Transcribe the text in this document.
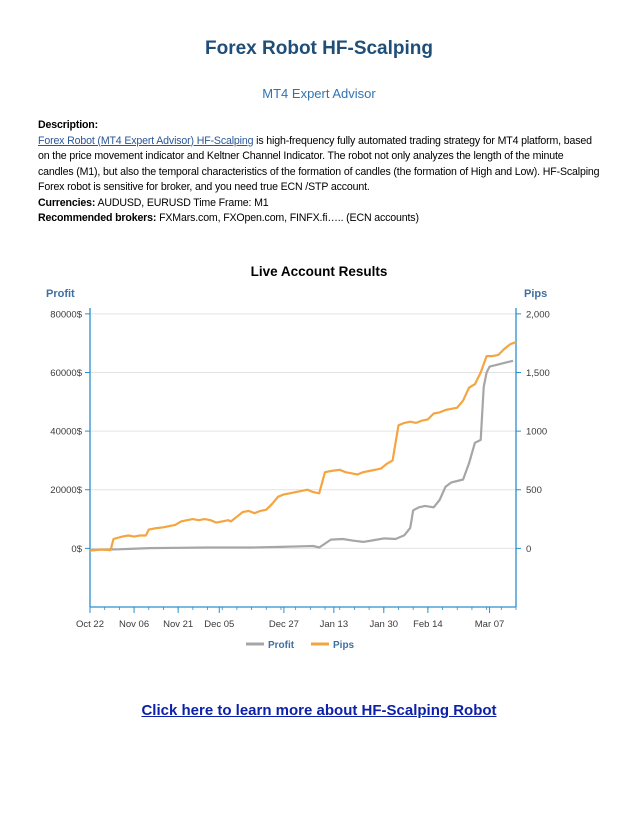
Forex Robot HF-Scalping
MT4 Expert Advisor
Description:
Forex Robot (MT4 Expert Advisor) HF-Scalping is high-frequency fully automated trading strategy for MT4 platform, based on the price movement indicator and Keltner Channel Indicator. The robot not only analyzes the length of the minute candles (M1), but also the temporal characteristics of the formation of candles (the formation of High and Low). HF-Scalping Forex robot is sensitive for broker, and you need true ECN /STP account.
Currencies: AUDUSD, EURUSD Time Frame: M1
Recommended brokers: FXMars.com, FXOpen.com, FINFX.fi….. (ECN accounts)
Live Account Results
Profit	Pips
80000$
60000$
40000$
20000$
0$
2,000
1,500
1000
500
0
Oct 22 Nov 06 Nov 21 Dec 05	Dec 27 Jan 13 Jan 30 Feb 14	Mar 07
Profit	Pips
Click here to learn more about HF-Scalping Robot
